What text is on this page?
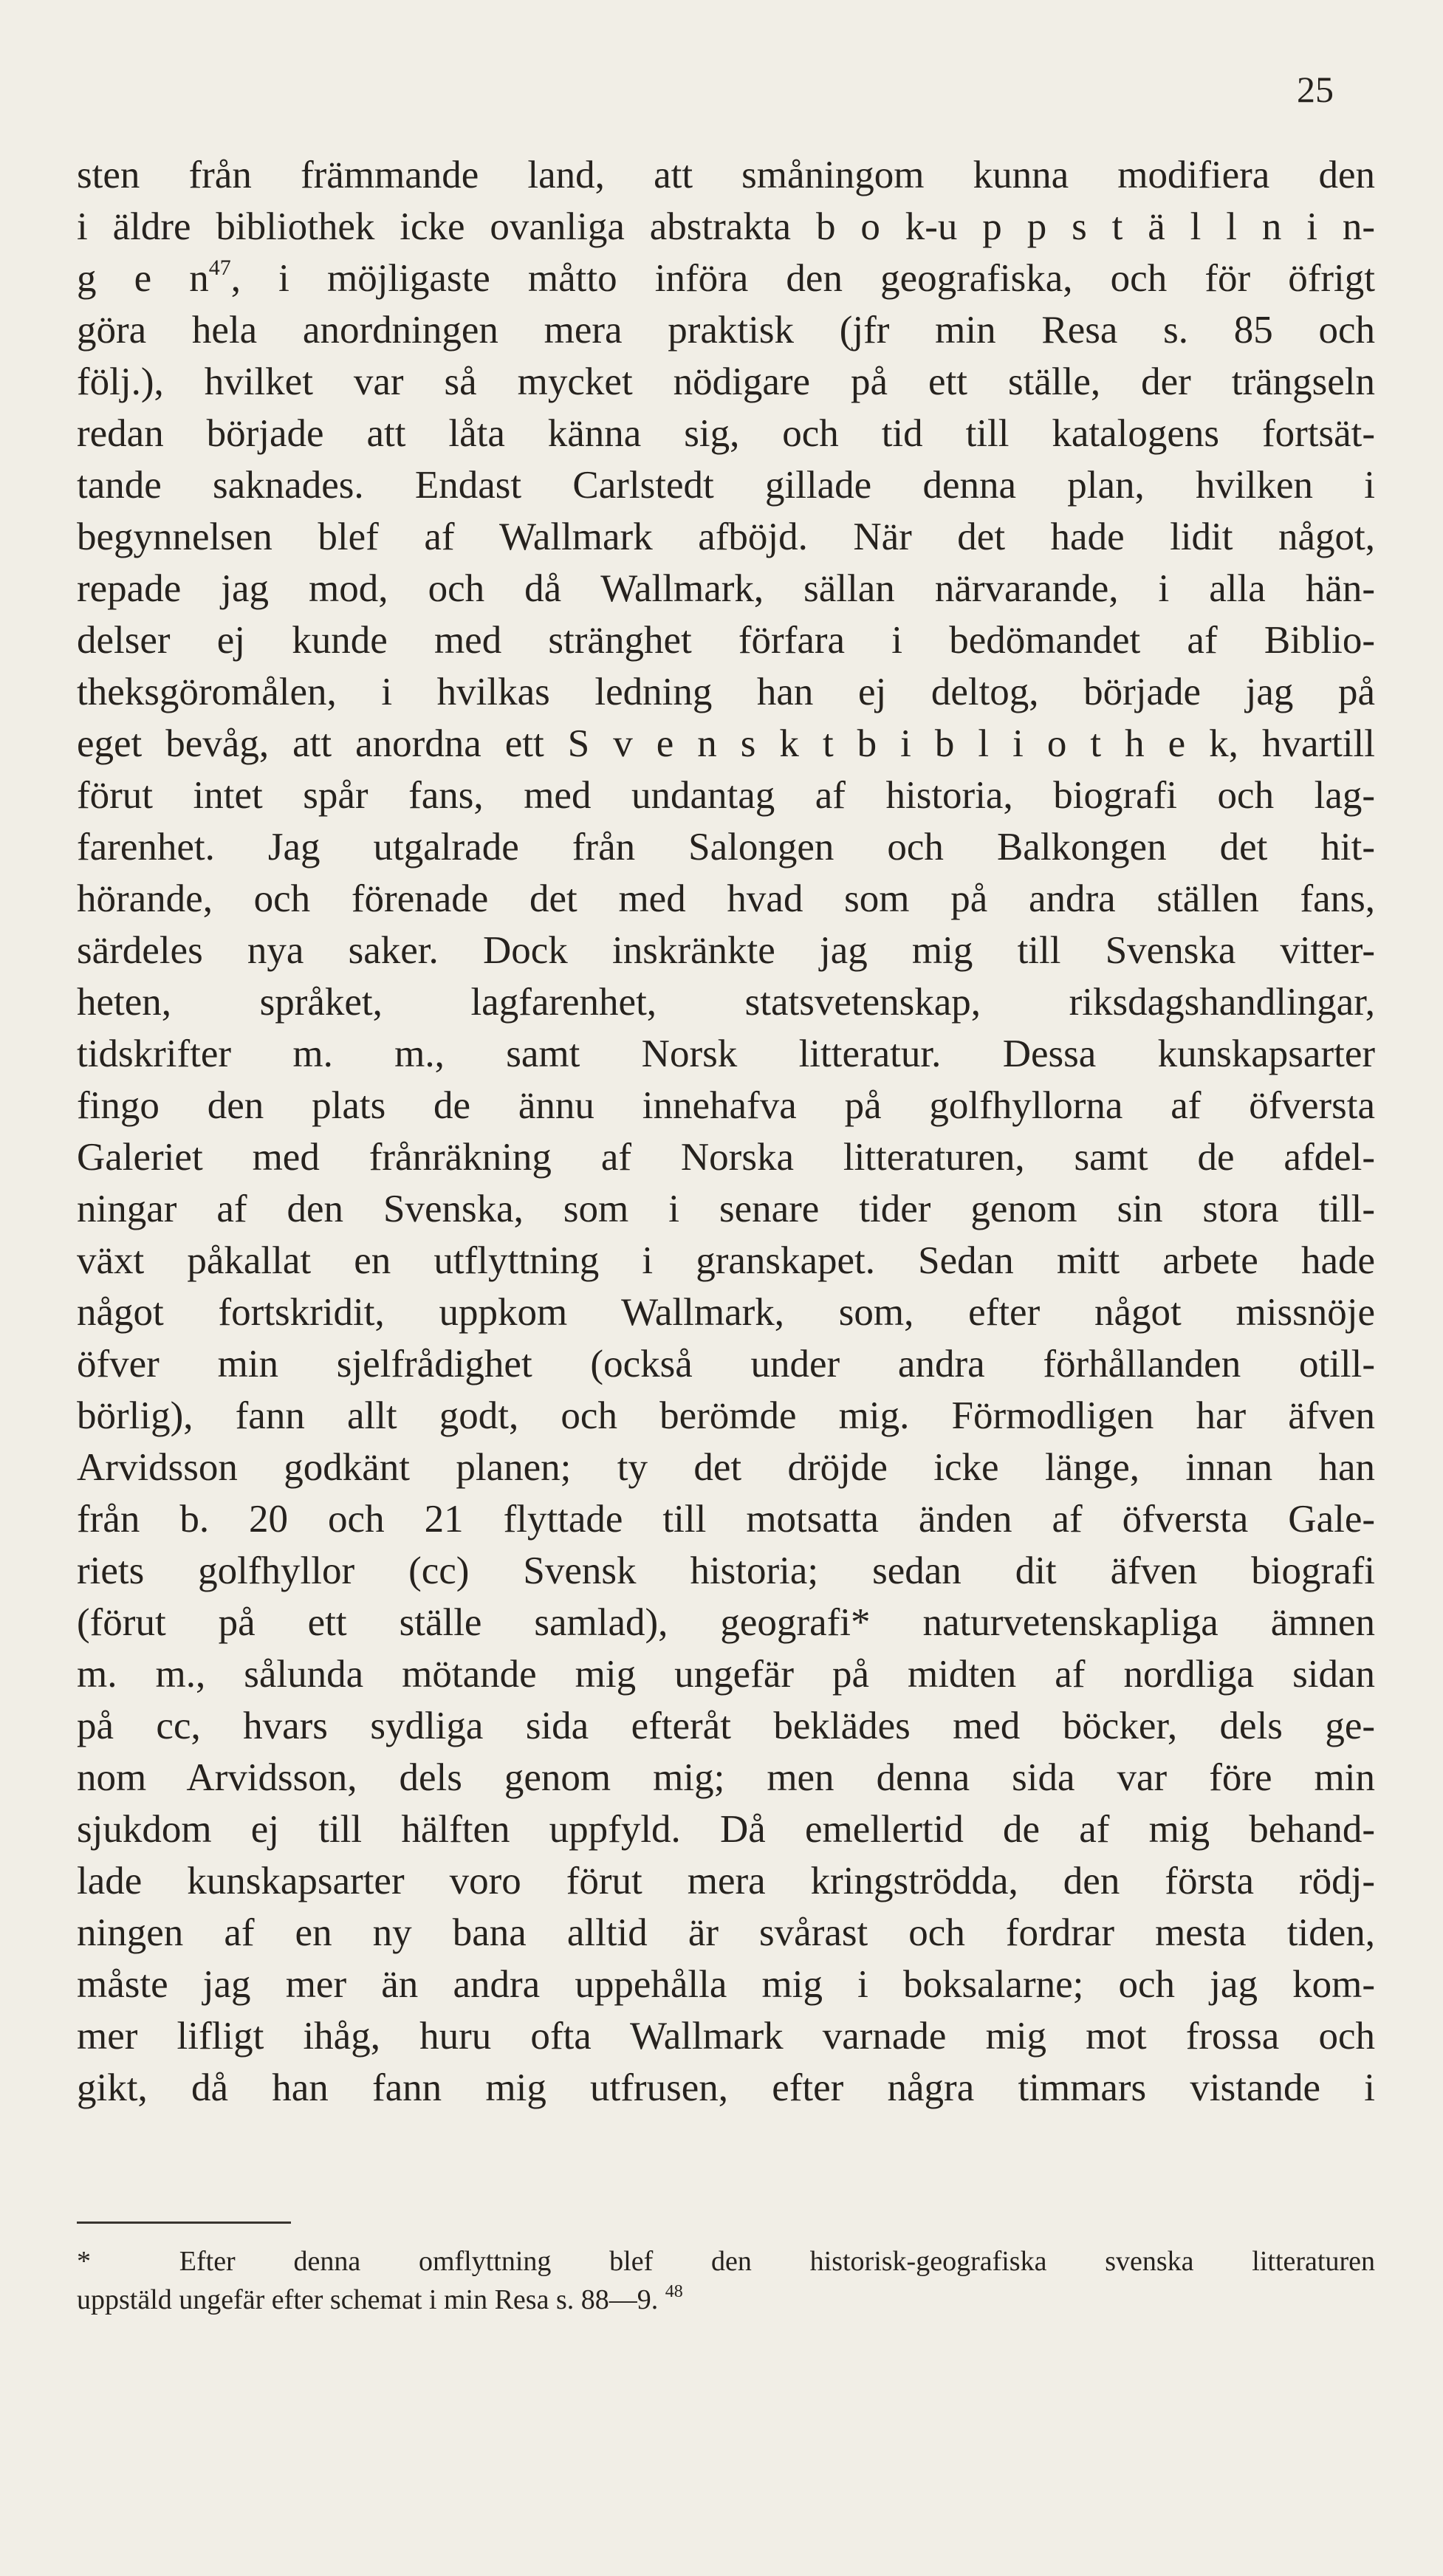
25
sten från främmande land, att småningom kunna modifiera den
i äldre bibliothek icke ovanliga abstrakta b o k-u p p s t ä l l n i n-
g e $n^{47}$, i möjligaste måtto införa den geografiska, och för öfrigt
göra hela anordningen mera praktisk (jfr min Resa s. 85 och
följ.), hvilket var så mycket nödigare på ett ställe, der trängseln
redan började att låta känna sig, och tid till katalogens fortsät-
tande saknades. Endast Carlstedt gillade denna plan, hvilken i
begynnelsen blef af Wallmark afböjd. När det hade lidit något,
repade jag mod, och då Wallmark, sällan närvarande, i alla hän-
delser ej kunde med stränghet förfara i bedömandet af Biblio-
theksgöromålen, i hvilkas ledning han ej deltog, började jag på
eget bevåg, att anordna ett S v e n s k t b i b l i o t h e k, hvartill
förut intet spår fans, med undantag af historia, biografi och lag-
farenhet. Jag utgalrade från Salongen och Balkongen det hit-
hörande, och förenade det med hvad som på andra ställen fans,
särdeles nya saker. Dock inskränkte jag mig till Svenska vitter-
heten, språket, lagfarenhet, statsvetenskap, riksdagshandlingar,
tidskrifter m. m., samt Norsk litteratur. Dessa kunskapsarter
fingo den plats de ännu innehafva på golfhyllorna af öfversta
Galeriet med frånräkning af Norska litteraturen, samt de afdel-
ningar af den Svenska, som i senare tider genom sin stora till-
växt påkallat en utflyttning i granskapet. Sedan mitt arbete hade
något fortskridit, uppkom Wallmark, som, efter något missnöje
öfver min sjelfrådighet (också under andra förhållanden otill-
börlig), fann allt godt, och berömde mig. Förmodligen har äfven
Arvidsson godkänt planen; ty det dröjde icke länge, innan han
från b. 20 och 21 flyttade till motsatta änden af öfversta Gale-
riets golfhyllor (cc) Svensk historia; sedan dit äfven biografi
(förut på ett ställe samlad), geografi* naturvetenskapliga ämnen
m. m., sålunda mötande mig ungefär på midten af nordliga sidan
på cc, hvars sydliga sida efteråt beklädes med böcker, dels ge-
nom Arvidsson, dels genom mig; men denna sida var före min
sjukdom ej till hälften uppfyld. Då emellertid de af mig behand-
lade kunskapsarter voro förut mera kringströdda, den första rödj-
ningen af en ny bana alltid är svårast och fordrar mesta tiden,
måste jag mer än andra uppehålla mig i boksalarne; och jag kom-
mer lifligt ihåg, huru ofta Wallmark varnade mig mot frossa och
gikt, då han fann mig utfrusen, efter några timmars vistande i
*	Efter denna omflyttning blef den historisk-geografiska svenska litteraturen
uppstäld ungefär efter schemat i min Resa s. 88—9. $^{48}$
